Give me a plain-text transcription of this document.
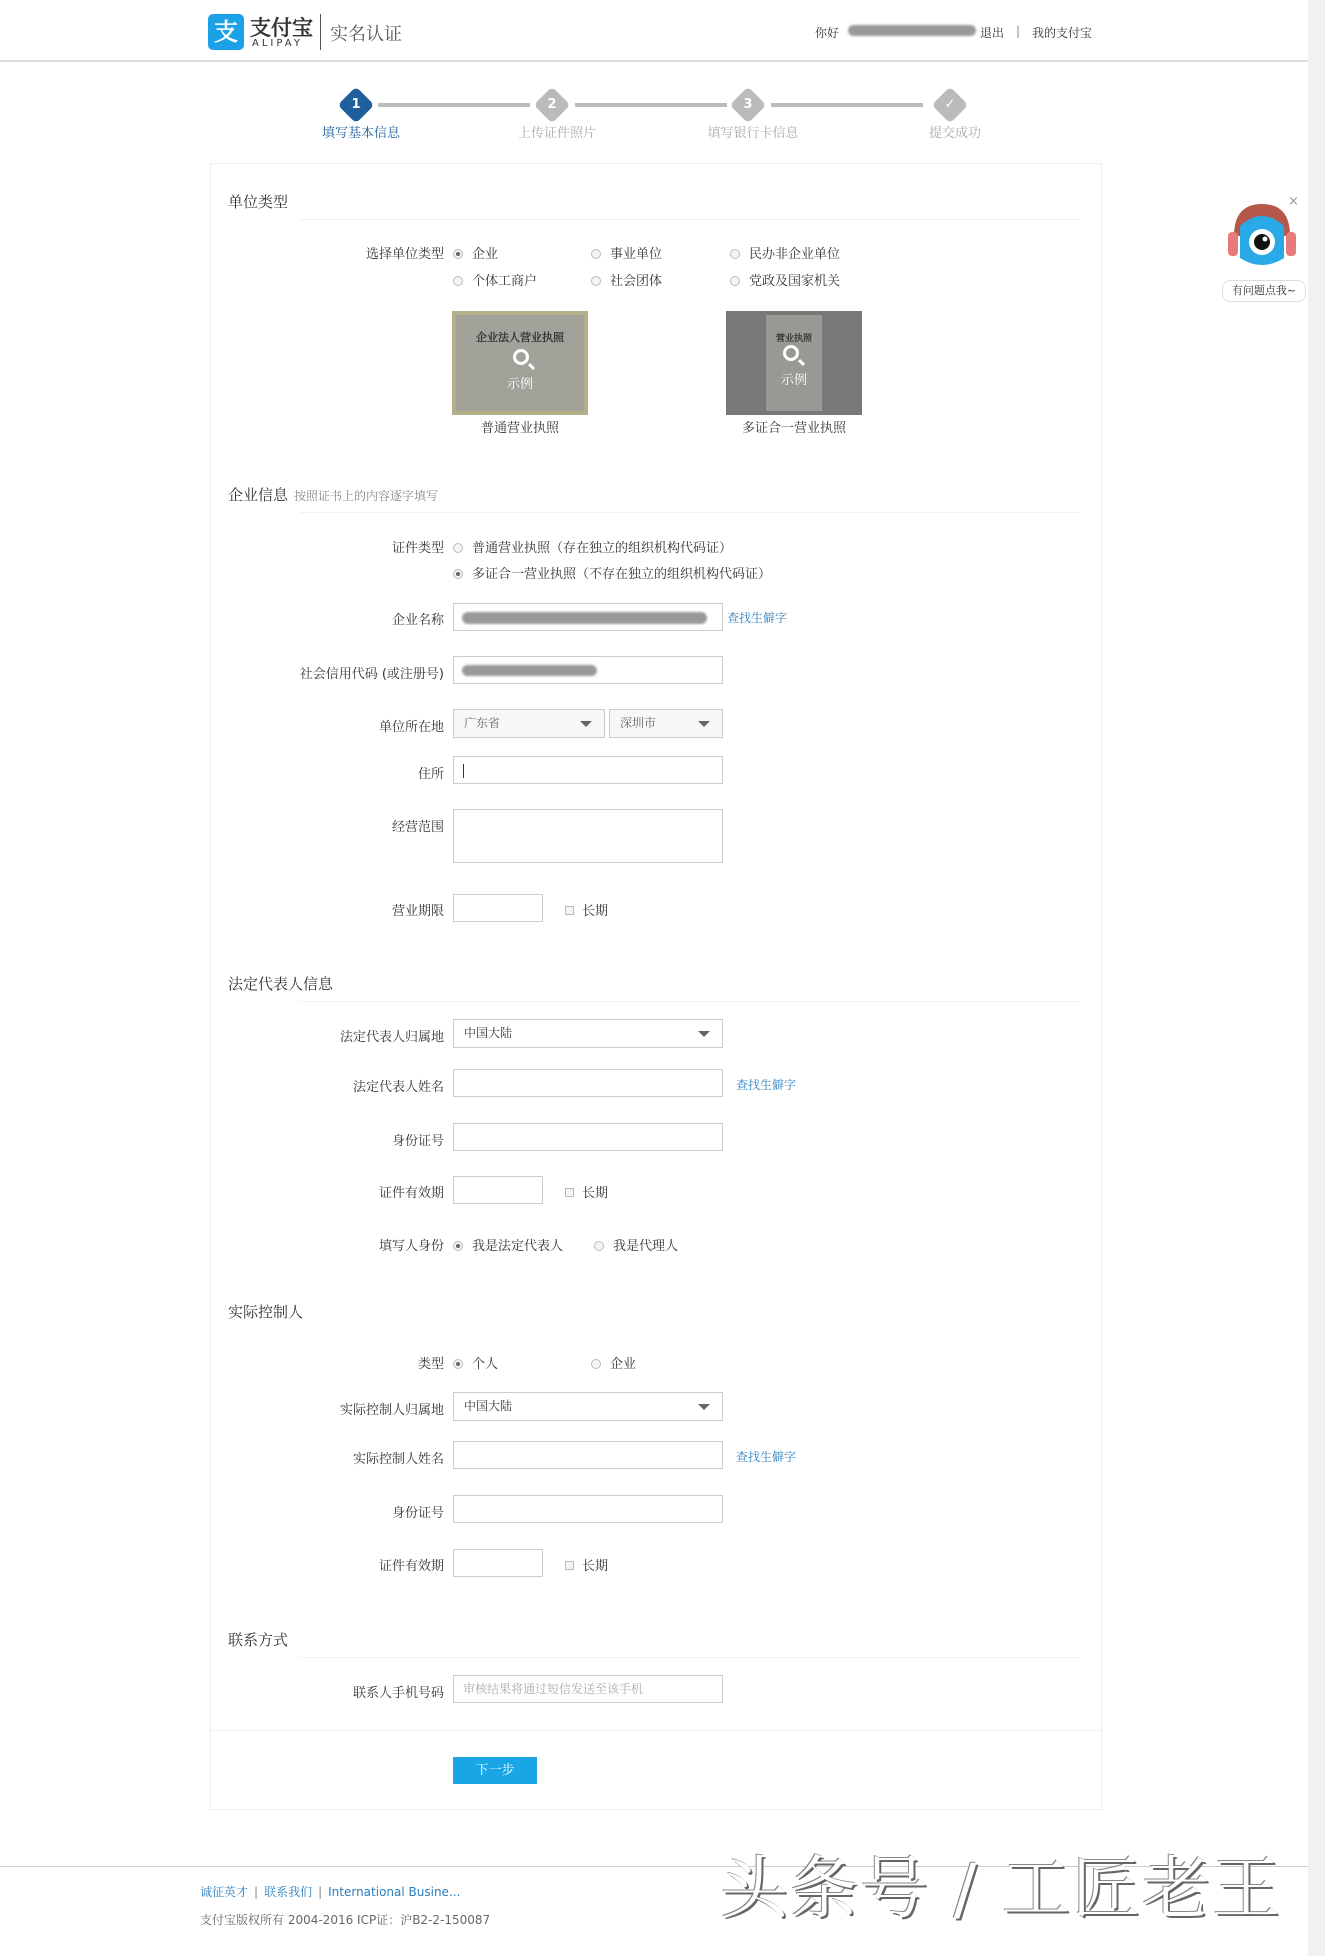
支 支付宝
ALIPAY 实名认证	你好	退出 | 我的支付宝
1	2	3	✓
填写基本信息	上传证件照片	填写银行卡信息	提交成功
单位类型
选择单位类型	企业	事业单位	民办非企业单位
个体工商户	社会团体	党政及国家机关
企业法人营业执照
示例
普通营业执照
营业执照
示例
多证合一营业执照
企业信息 按照证书上的内容逐字填写
证件类型	普通营业执照（存在独立的组织机构代码证）
多证合一营业执照（不存在独立的组织机构代码证）
企业名称	查找生僻字
社会信用代码 (或注册号)
单位所在地	广东省	深圳市
住所
经营范围
营业期限	长期
法定代表人信息
法定代表人归属地	中国大陆
法定代表人姓名	查找生僻字
身份证号
证件有效期	长期
填写人身份	我是法定代表人	我是代理人
实际控制人
类型	个人	企业
实际控制人归属地	中国大陆
实际控制人姓名	查找生僻字
身份证号
证件有效期	长期
联系方式
联系人手机号码	审核结果将通过短信发送至该手机
下一步
诚征英才 | 联系我们 | International Busine...
支付宝版权所有 2004-2016 ICP证：沪B2-2-150087	头条号 / 工匠老王
×
有问题点我~
